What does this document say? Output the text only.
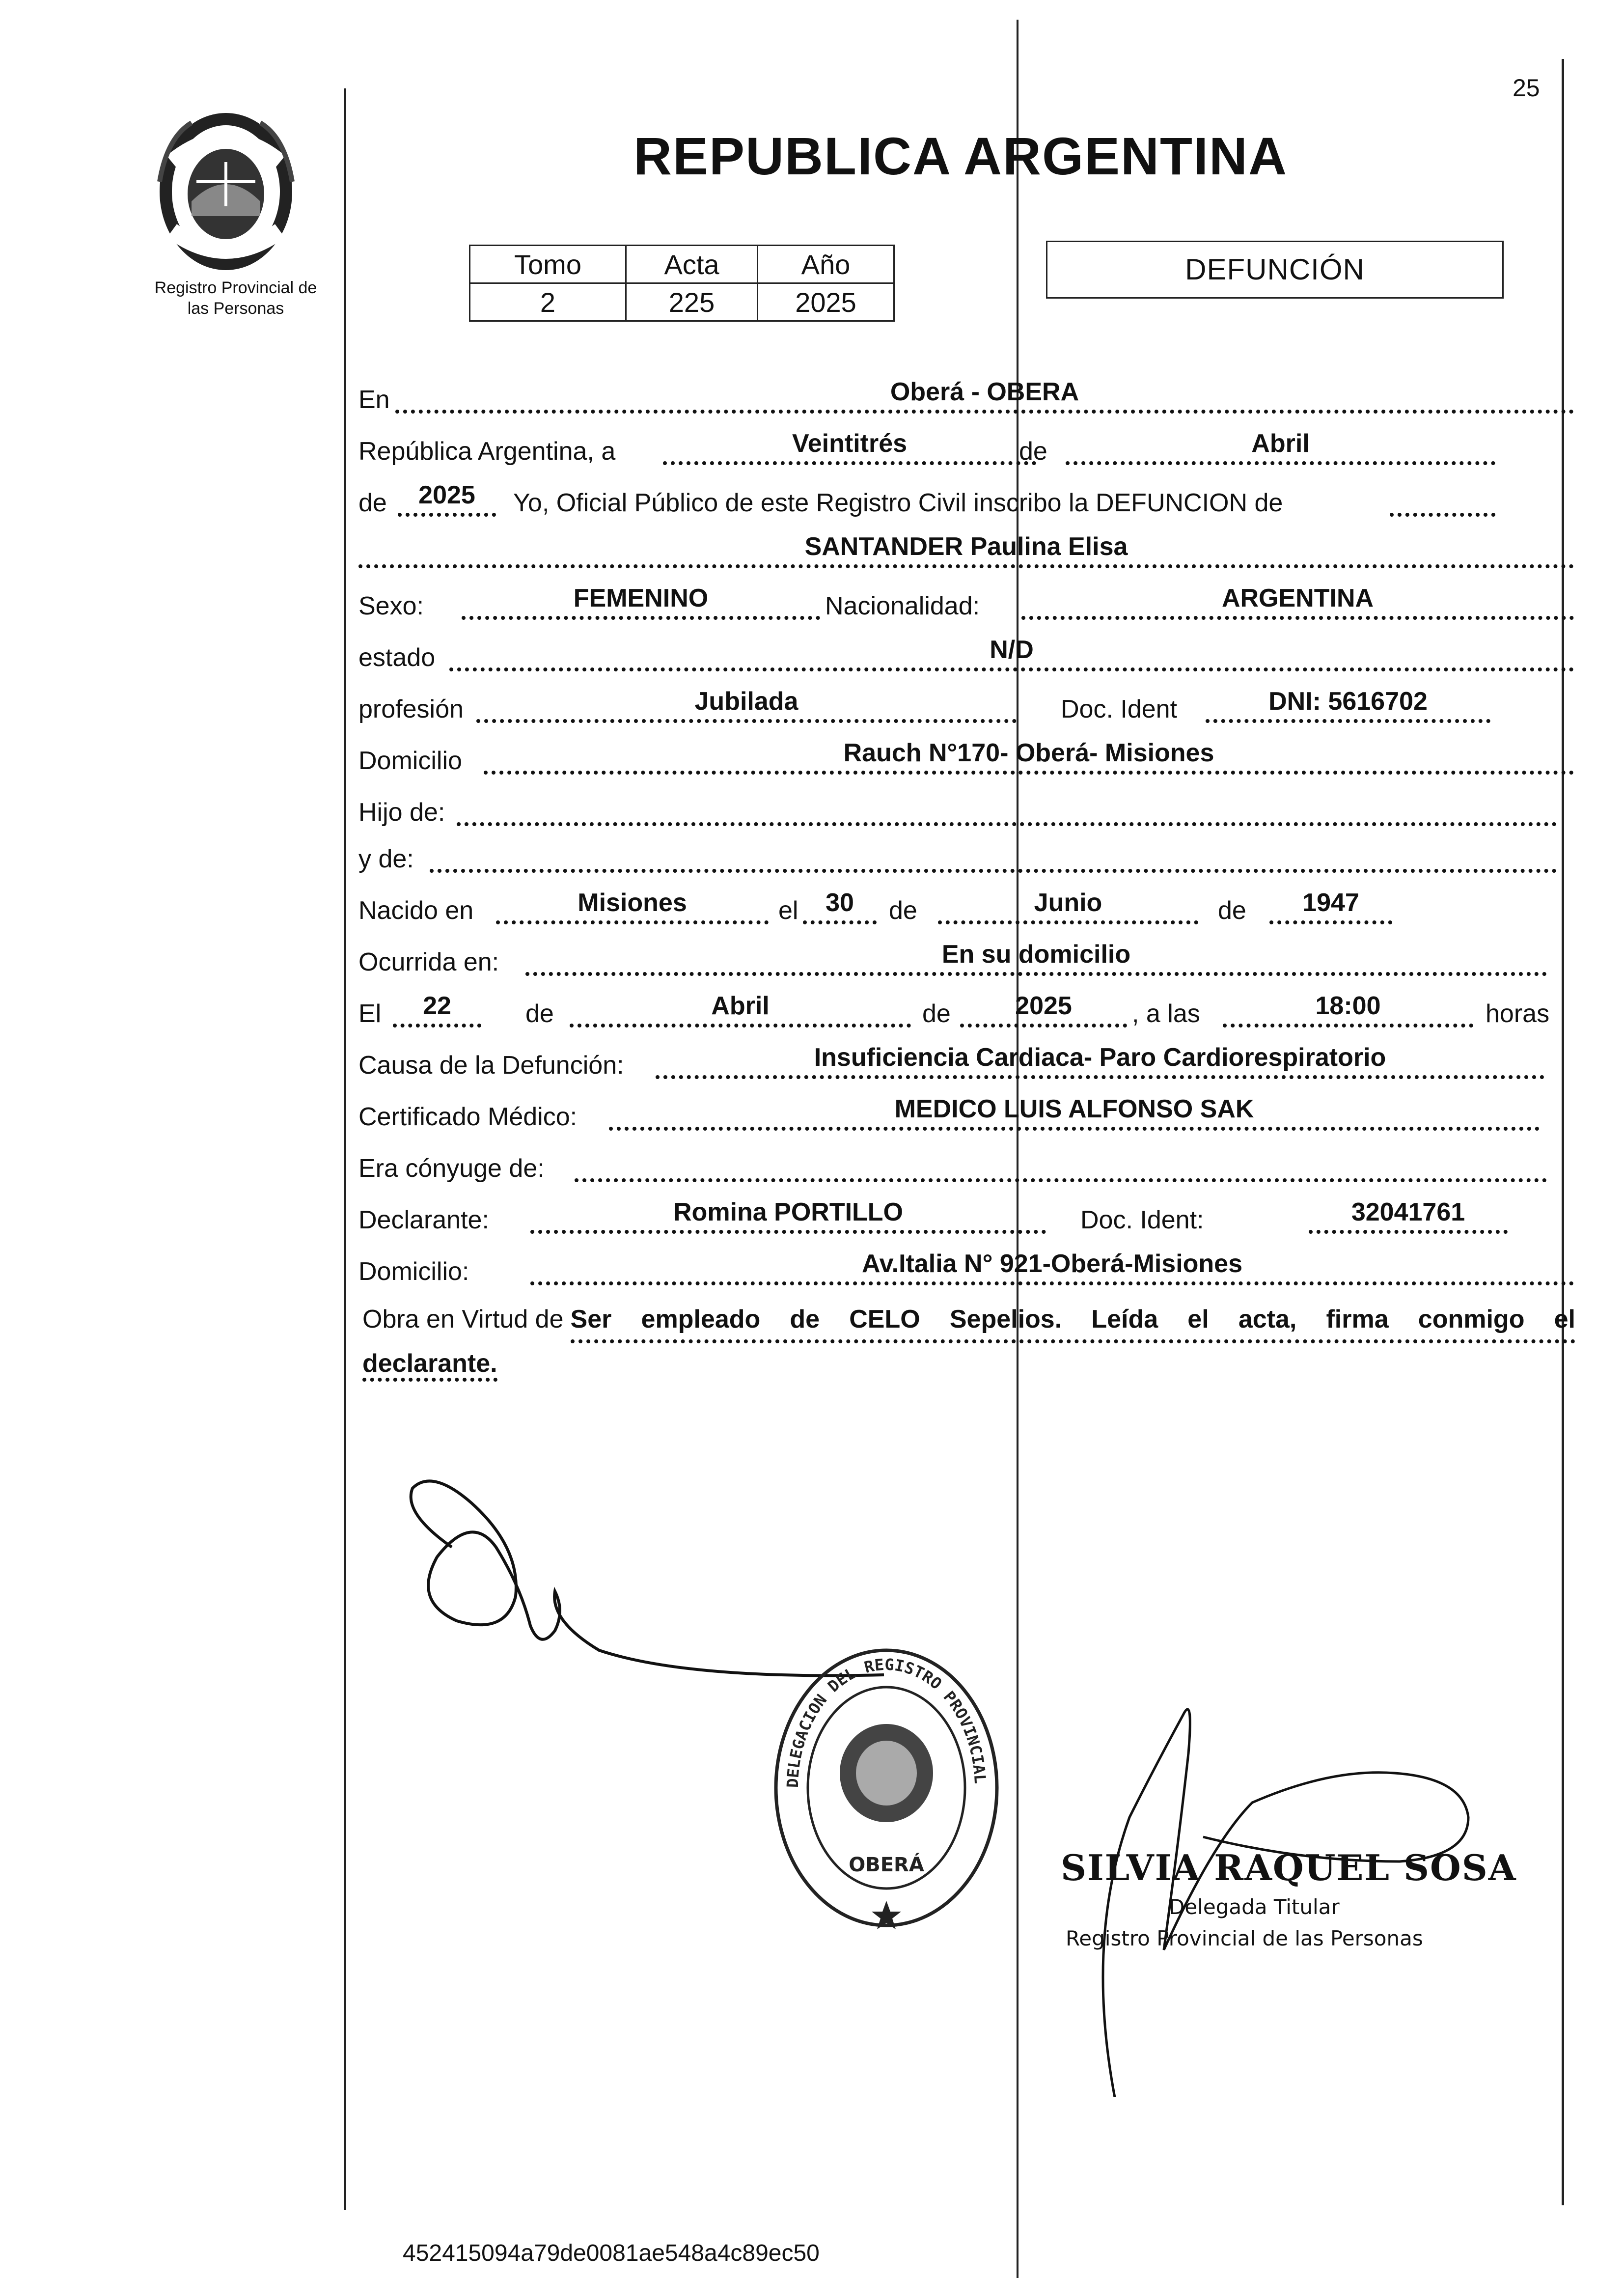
25
Registro Provincial de
las Personas
REPUBLICA ARGENTINA
Tomo	Acta	Año
2	225	2025
DEFUNCIÓN
En	Oberá - OBERA
República Argentina, a	Veintitrés	de	Abril
de	2025	Yo, Oficial Público de este Registro Civil inscribo la DEFUNCION de
SANTANDER Paulina Elisa
Sexo:	FEMENINO	Nacionalidad:	ARGENTINA
estado	N/D
profesión	Jubilada	Doc. Ident	DNI: 5616702
Domicilio	Rauch N°170- Oberá- Misiones
Hijo de:
y de:
Nacido en	Misiones	el	30	de	Junio	de	1947
Ocurrida en:	En su domicilio
El	22	de	Abril	de	2025	, a las	18:00	horas
Causa de la Defunción:	Insuficiencia Cardiaca- Paro Cardiorespiratorio
Certificado Médico:	MEDICO LUIS ALFONSO SAK
Era cónyuge de:
Declarante:	Romina PORTILLO	Doc. Ident:	32041761
Domicilio:	Av.Italia N° 921-Oberá-Misiones
Obra en Virtud de Ser empleado de CELO Sepelios. Leída el acta, firma conmigo el
declarante.
OBERÁ
DELEGACION DEL REGISTRO PROVINCIAL
SILVIA RAQUEL SOSA
Delegada Titular
Registro Provincial de las Personas
452415094a79de0081ae548a4c89ec50
